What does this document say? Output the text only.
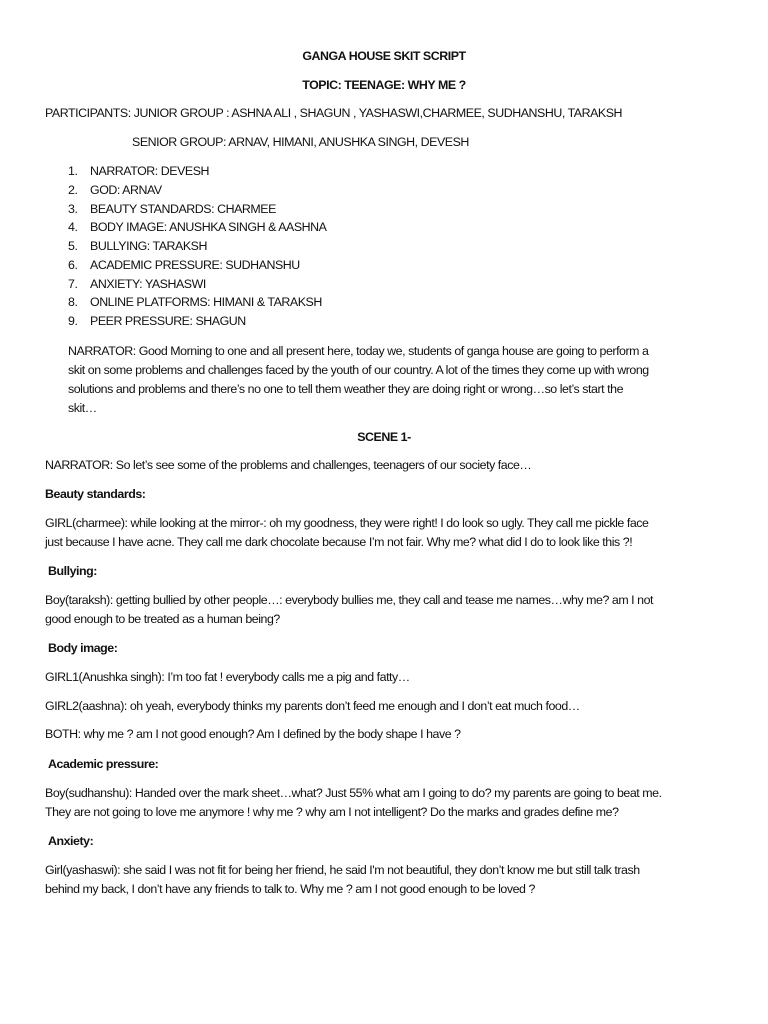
GANGA HOUSE SKIT SCRIPT
TOPIC: TEENAGE: WHY ME ?
PARTICIPANTS: JUNIOR GROUP : ASHNA ALI , SHAGUN , YASHASWI,CHARMEE, SUDHANSHU, TARAKSH
SENIOR GROUP: ARNAV, HIMANI, ANUSHKA SINGH, DEVESH
1.	NARRATOR: DEVESH
2.	GOD: ARNAV
3.	BEAUTY STANDARDS: CHARMEE
4.	BODY IMAGE: ANUSHKA SINGH & AASHNA
5.	BULLYING: TARAKSH
6.	ACADEMIC PRESSURE: SUDHANSHU
7.	ANXIETY: YASHASWI
8.	ONLINE PLATFORMS: HIMANI & TARAKSH
9.	PEER PRESSURE: SHAGUN
NARRATOR: Good Morning to one and all present here, today we, students of ganga house are going to perform a
skit on some problems and challenges faced by the youth of our country. A lot of the times they come up with wrong
solutions and problems and there’s no one to tell them weather they are doing right or wrong…so let’s start the
skit…
SCENE 1-
NARRATOR: So let’s see some of the problems and challenges, teenagers of our society face…
Beauty standards:
GIRL(charmee): while looking at the mirror-: oh my goodness, they were right! I do look so ugly. They call me pickle face
just because I have acne. They call me dark chocolate because I’m not fair. Why me? what did I do to look like this ?!
Bullying:
Boy(taraksh): getting bullied by other people…: everybody bullies me, they call and tease me names…why me? am I not
good enough to be treated as a human being?
Body image:
GIRL1(Anushka singh): I’m too fat ! everybody calls me a pig and fatty…
GIRL2(aashna): oh yeah, everybody thinks my parents don’t feed me enough and I don’t eat much food…
BOTH: why me ? am I not good enough? Am I defined by the body shape I have ?
Academic pressure:
Boy(sudhanshu): Handed over the mark sheet…what? Just 55% what am I going to do? my parents are going to beat me.
They are not going to love me anymore ! why me ? why am I not intelligent? Do the marks and grades define me?
Anxiety:
Girl(yashaswi): she said I was not fit for being her friend, he said I'm not beautiful, they don’t know me but still talk trash
behind my back, I don’t have any friends to talk to. Why me ? am I not good enough to be loved ?
